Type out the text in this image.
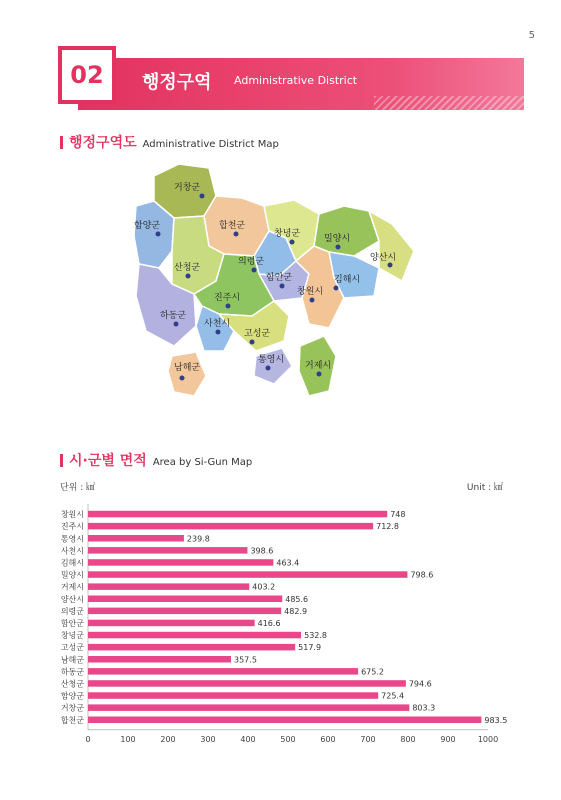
5
02	행정구역 Administrative District
행정구역도 Administrative District Map
거창군
함양군	합천군
창녕군	밀양시
양산시
산청군
의령군
함안군	김해시
창원시
진주시
하동군
사천시
고성군
남해군
통영시
거제시
시·군별 면적 Area by Si-Gun Map
단위 : ㎢	Unit : ㎢
창원시	748
진주시	712.8
통영시	239.8
사천시	398.6
김해시	463.4
밀양시	798.6
거제시	403.2
양산시	485.6
의령군	482.9
함안군	416.6
창녕군	532.8
고성군	517.9
남해군	357.5
하동군	675.2
산청군	794.6
함양군	725.4
거창군	803.3
합천군	983.5
0	100	200	300	400	500	600	700	800	900	1000
